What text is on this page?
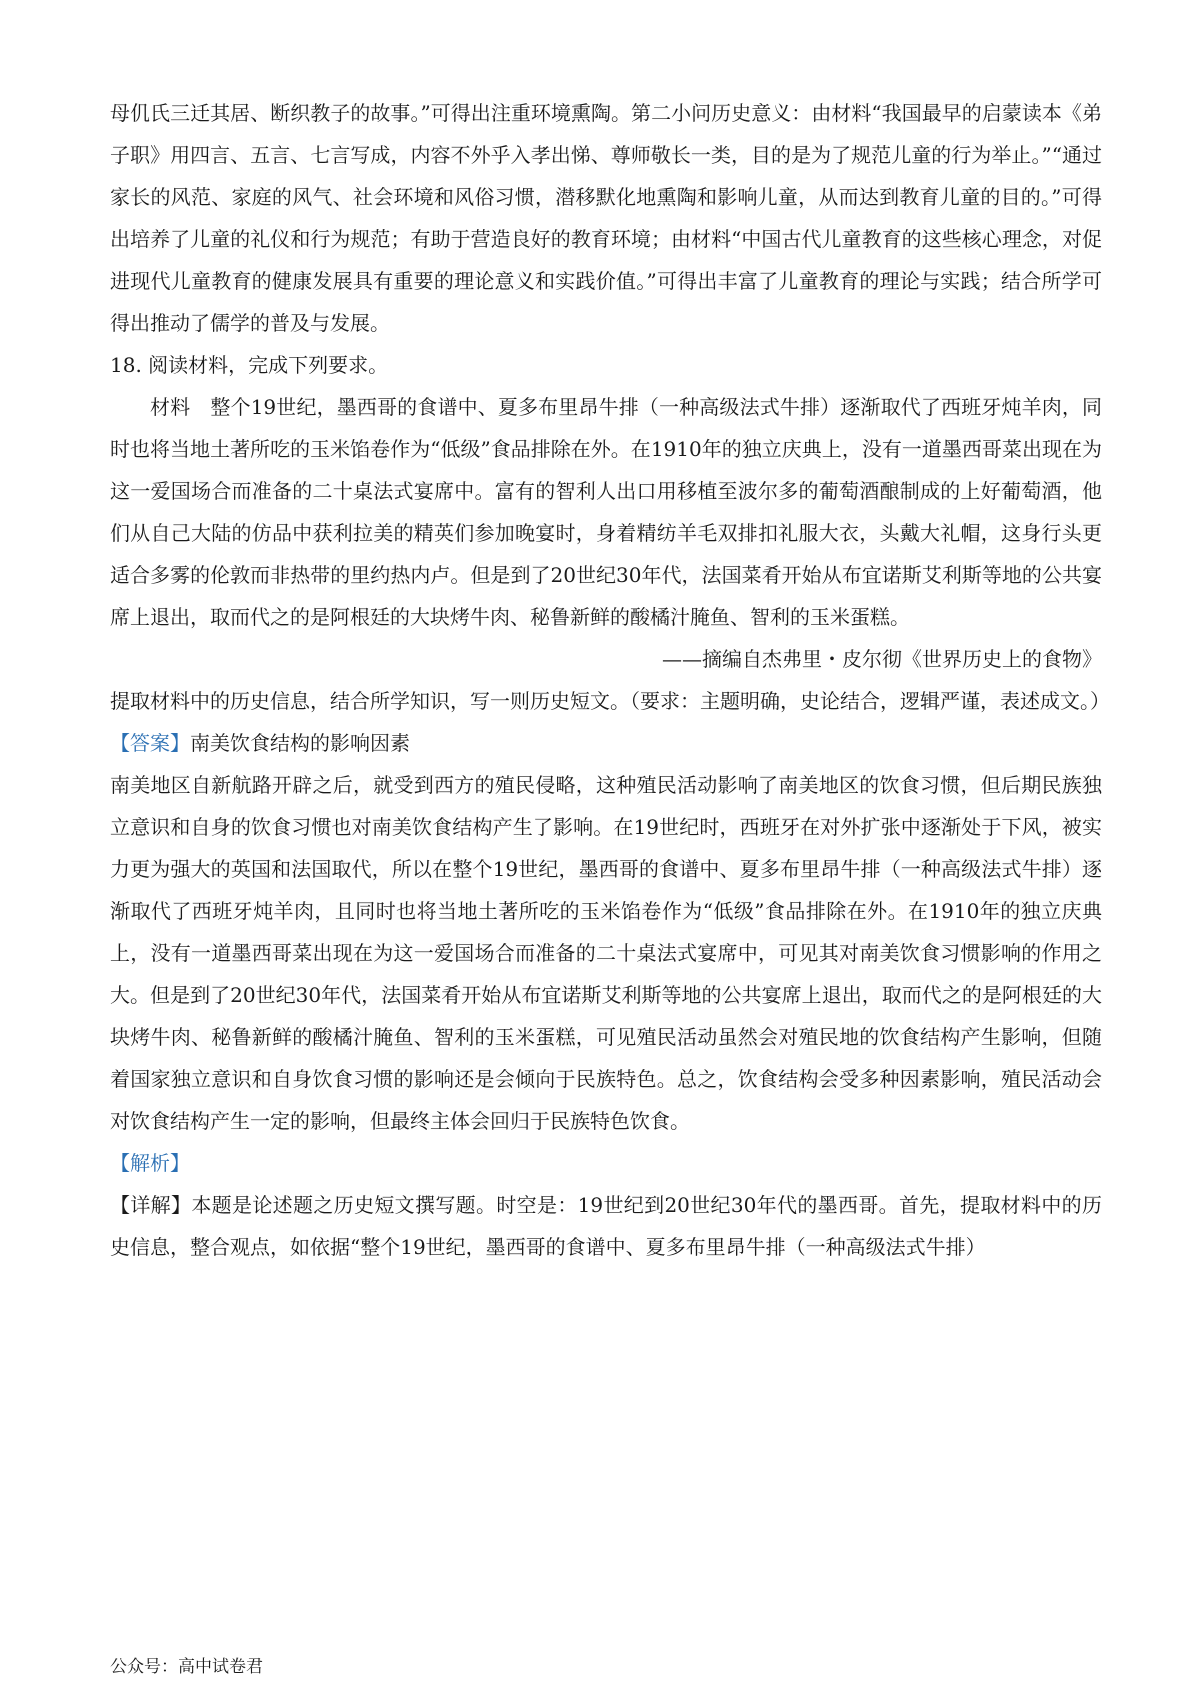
母仉氏三迁其居、断织教子的故事。”可得出注重环境熏陶。第二小问历史意义：由材料“我国最早的启蒙读本《弟子职》用四言、五言、七言写成，内容不外乎入孝出悌、尊师敬长一类，目的是为了规范儿童的行为举止。”“通过家长的风范、家庭的风气、社会环境和风俗习惯，潜移默化地熏陶和影响儿童，从而达到教育儿童的目的。”可得出培养了儿童的礼仪和行为规范；有助于营造良好的教育环境；由材料“中国古代儿童教育的这些核心理念，对促进现代儿童教育的健康发展具有重要的理论意义和实践价值。”可得出丰富了儿童教育的理论与实践；结合所学可得出推动了儒学的普及与发展。

18. 阅读材料，完成下列要求。

材料　整个19世纪，墨西哥的食谱中、夏多布里昂牛排（一种高级法式牛排）逐渐取代了西班牙炖羊肉，同时也将当地土著所吃的玉米馅卷作为“低级”食品排除在外。在1910年的独立庆典上，没有一道墨西哥菜出现在为这一爱国场合而准备的二十桌法式宴席中。富有的智利人出口用移植至波尔多的葡萄酒酿制成的上好葡萄酒，他们从自己大陆的仿品中获利拉美的精英们参加晚宴时，身着精纺羊毛双排扣礼服大衣，头戴大礼帽，这身行头更适合多雾的伦敦而非热带的里约热内卢。但是到了20世纪30年代，法国菜肴开始从布宜诺斯艾利斯等地的公共宴席上退出，取而代之的是阿根廷的大块烤牛肉、秘鲁新鲜的酸橘汁腌鱼、智利的玉米蛋糕。

——摘编自杰弗里・皮尔彻《世界历史上的食物》

提取材料中的历史信息，结合所学知识，写一则历史短文。（要求：主题明确，史论结合，逻辑严谨，表述成文。）

【答案】南美饮食结构的影响因素

南美地区自新航路开辟之后，就受到西方的殖民侵略，这种殖民活动影响了南美地区的饮食习惯，但后期民族独立意识和自身的饮食习惯也对南美饮食结构产生了影响。在19世纪时，西班牙在对外扩张中逐渐处于下风，被实力更为强大的英国和法国取代，所以在整个19世纪，墨西哥的食谱中、夏多布里昂牛排（一种高级法式牛排）逐渐取代了西班牙炖羊肉，且同时也将当地土著所吃的玉米馅卷作为“低级”食品排除在外。在1910年的独立庆典上，没有一道墨西哥菜出现在为这一爱国场合而准备的二十桌法式宴席中，可见其对南美饮食习惯影响的作用之大。但是到了20世纪30年代，法国菜肴开始从布宜诺斯艾利斯等地的公共宴席上退出，取而代之的是阿根廷的大块烤牛肉、秘鲁新鲜的酸橘汁腌鱼、智利的玉米蛋糕，可见殖民活动虽然会对殖民地的饮食结构产生影响，但随着国家独立意识和自身饮食习惯的影响还是会倾向于民族特色。总之，饮食结构会受多种因素影响，殖民活动会对饮食结构产生一定的影响，但最终主体会回归于民族特色饮食。

【解析】

【详解】本题是论述题之历史短文撰写题。时空是：19世纪到20世纪30年代的墨西哥。首先，提取材料中的历史信息，整合观点，如依据“整个19世纪，墨西哥的食谱中、夏多布里昂牛排（一种高级法式牛排）

公众号：高中试卷君
